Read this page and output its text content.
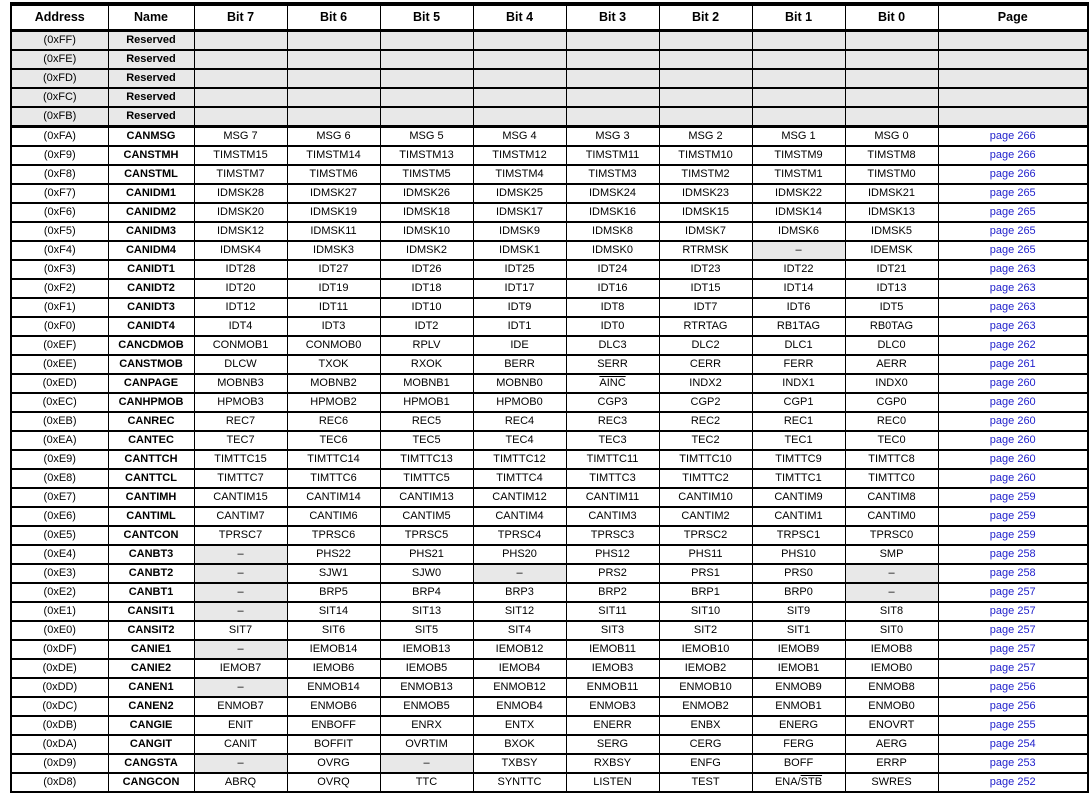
Address	Name	Bit 7	Bit 6	Bit 5	Bit 4	Bit 3	Bit 2	Bit 1	Bit 0	Page
(0xFF)	Reserved									
(0xFE)	Reserved									
(0xFD)	Reserved									
(0xFC)	Reserved									
(0xFB)	Reserved									
(0xFA)	CANMSG	MSG 7	MSG 6	MSG 5	MSG 4	MSG 3	MSG 2	MSG 1	MSG 0	page 266
(0xF9)	CANSTMH	TIMSTM15	TIMSTM14	TIMSTM13	TIMSTM12	TIMSTM11	TIMSTM10	TIMSTM9	TIMSTM8	page 266
(0xF8)	CANSTML	TIMSTM7	TIMSTM6	TIMSTM5	TIMSTM4	TIMSTM3	TIMSTM2	TIMSTM1	TIMSTM0	page 266
(0xF7)	CANIDM1	IDMSK28	IDMSK27	IDMSK26	IDMSK25	IDMSK24	IDMSK23	IDMSK22	IDMSK21	page 265
(0xF6)	CANIDM2	IDMSK20	IDMSK19	IDMSK18	IDMSK17	IDMSK16	IDMSK15	IDMSK14	IDMSK13	page 265
(0xF5)	CANIDM3	IDMSK12	IDMSK11	IDMSK10	IDMSK9	IDMSK8	IDMSK7	IDMSK6	IDMSK5	page 265
(0xF4)	CANIDM4	IDMSK4	IDMSK3	IDMSK2	IDMSK1	IDMSK0	RTRMSK	–	IDEMSK	page 265
(0xF3)	CANIDT1	IDT28	IDT27	IDT26	IDT25	IDT24	IDT23	IDT22	IDT21	page 263
(0xF2)	CANIDT2	IDT20	IDT19	IDT18	IDT17	IDT16	IDT15	IDT14	IDT13	page 263
(0xF1)	CANIDT3	IDT12	IDT11	IDT10	IDT9	IDT8	IDT7	IDT6	IDT5	page 263
(0xF0)	CANIDT4	IDT4	IDT3	IDT2	IDT1	IDT0	RTRTAG	RB1TAG	RB0TAG	page 263
(0xEF)	CANCDMOB	CONMOB1	CONMOB0	RPLV	IDE	DLC3	DLC2	DLC1	DLC0	page 262
(0xEE)	CANSTMOB	DLCW	TXOK	RXOK	BERR	SERR	CERR	FERR	AERR	page 261
(0xED)	CANPAGE	MOBNB3	MOBNB2	MOBNB1	MOBNB0	AINC	INDX2	INDX1	INDX0	page 260
(0xEC)	CANHPMOB	HPMOB3	HPMOB2	HPMOB1	HPMOB0	CGP3	CGP2	CGP1	CGP0	page 260
(0xEB)	CANREC	REC7	REC6	REC5	REC4	REC3	REC2	REC1	REC0	page 260
(0xEA)	CANTEC	TEC7	TEC6	TEC5	TEC4	TEC3	TEC2	TEC1	TEC0	page 260
(0xE9)	CANTTCH	TIMTTC15	TIMTTC14	TIMTTC13	TIMTTC12	TIMTTC11	TIMTTC10	TIMTTC9	TIMTTC8	page 260
(0xE8)	CANTTCL	TIMTTC7	TIMTTC6	TIMTTC5	TIMTTC4	TIMTTC3	TIMTTC2	TIMTTC1	TIMTTC0	page 260
(0xE7)	CANTIMH	CANTIM15	CANTIM14	CANTIM13	CANTIM12	CANTIM11	CANTIM10	CANTIM9	CANTIM8	page 259
(0xE6)	CANTIML	CANTIM7	CANTIM6	CANTIM5	CANTIM4	CANTIM3	CANTIM2	CANTIM1	CANTIM0	page 259
(0xE5)	CANTCON	TPRSC7	TPRSC6	TPRSC5	TPRSC4	TPRSC3	TPRSC2	TRPSC1	TPRSC0	page 259
(0xE4)	CANBT3	–	PHS22	PHS21	PHS20	PHS12	PHS11	PHS10	SMP	page 258
(0xE3)	CANBT2	–	SJW1	SJW0	–	PRS2	PRS1	PRS0	–	page 258
(0xE2)	CANBT1	–	BRP5	BRP4	BRP3	BRP2	BRP1	BRP0	–	page 257
(0xE1)	CANSIT1	–	SIT14	SIT13	SIT12	SIT11	SIT10	SIT9	SIT8	page 257
(0xE0)	CANSIT2	SIT7	SIT6	SIT5	SIT4	SIT3	SIT2	SIT1	SIT0	page 257
(0xDF)	CANIE1	–	IEMOB14	IEMOB13	IEMOB12	IEMOB11	IEMOB10	IEMOB9	IEMOB8	page 257
(0xDE)	CANIE2	IEMOB7	IEMOB6	IEMOB5	IEMOB4	IEMOB3	IEMOB2	IEMOB1	IEMOB0	page 257
(0xDD)	CANEN1	–	ENMOB14	ENMOB13	ENMOB12	ENMOB11	ENMOB10	ENMOB9	ENMOB8	page 256
(0xDC)	CANEN2	ENMOB7	ENMOB6	ENMOB5	ENMOB4	ENMOB3	ENMOB2	ENMOB1	ENMOB0	page 256
(0xDB)	CANGIE	ENIT	ENBOFF	ENRX	ENTX	ENERR	ENBX	ENERG	ENOVRT	page 255
(0xDA)	CANGIT	CANIT	BOFFIT	OVRTIM	BXOK	SERG	CERG	FERG	AERG	page 254
(0xD9)	CANGSTA	–	OVRG	–	TXBSY	RXBSY	ENFG	BOFF	ERRP	page 253
(0xD8)	CANGCON	ABRQ	OVRQ	TTC	SYNTTC	LISTEN	TEST	ENA/$\overline{STB}$	SWRES	page 252
